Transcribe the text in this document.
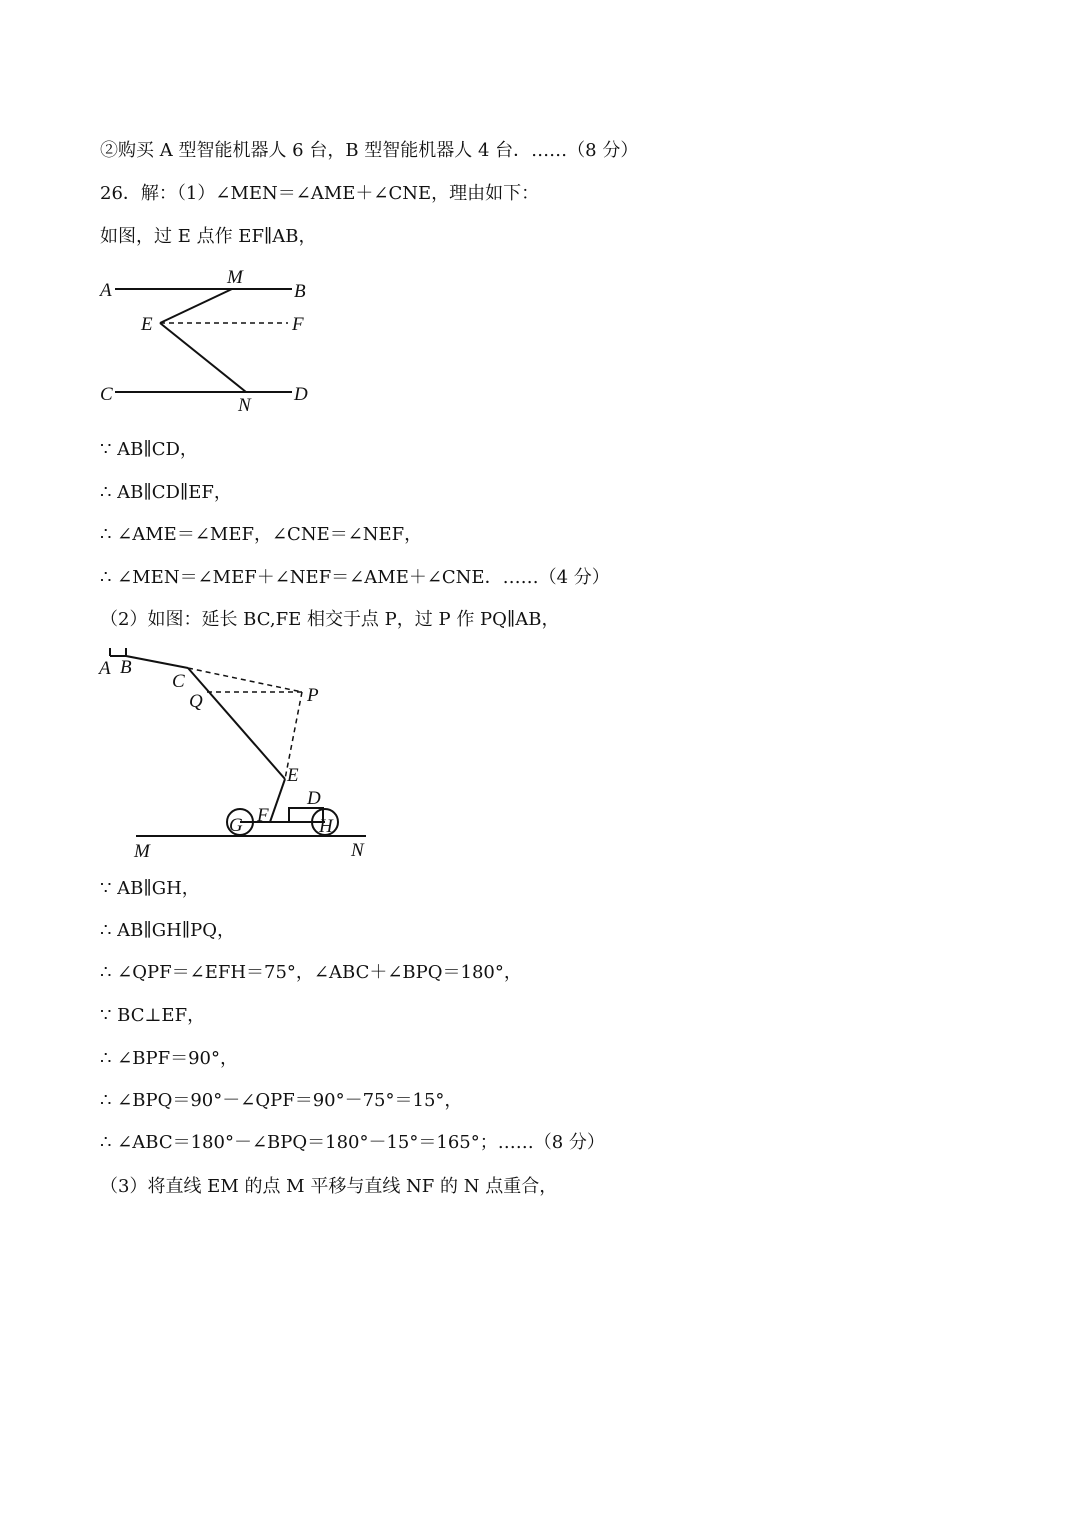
②购买 A 型智能机器人 6 台，B 型智能机器人 4 台．……（8 分）
26．解：（1）∠MEN＝∠AME＋∠CNE，理由如下：
如图，过 E 点作 EF∥AB，
A
M
B
E	F
C	D
N
A B
C
Q	P
E
D
F
G	H
M	N
∵ AB∥CD，
∴ AB∥CD∥EF，
∴ ∠AME＝∠MEF，∠CNE＝∠NEF，
∴ ∠MEN＝∠MEF＋∠NEF＝∠AME＋∠CNE．……（4 分）
（2）如图：延长 BC,FE 相交于点 P，过 P 作 PQ∥AB，
∵ AB∥GH，
∴ AB∥GH∥PQ，
∴ ∠QPF＝∠EFH＝75°，∠ABC＋∠BPQ＝180°，
∵ BC⊥EF，
∴ ∠BPF＝90°，
∴ ∠BPQ＝90°－∠QPF＝90°－75°＝15°，
∴ ∠ABC＝180°－∠BPQ＝180°－15°＝165°；……（8 分）
（3）将直线 EM 的点 M 平移与直线 NF 的 N 点重合，
